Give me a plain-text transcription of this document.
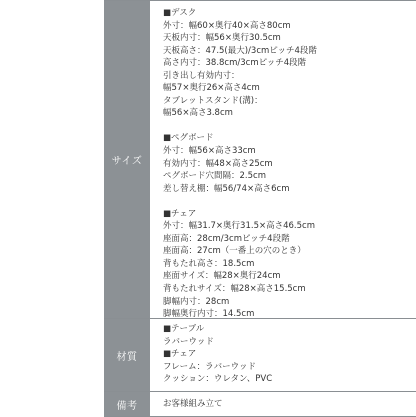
サイズ
■ デスク
外寸：幅60×奥行40×高さ80cm
天板内寸：幅56×奥行30.5cm
天板高さ：47.5(最大)/3cmピッチ4段階
高さ内寸：38.8cm/3cmピッチ4段階
引き出し有効内寸：
幅57×奥行26×高さ4cm
タブレットスタンド(溝)：
幅56×高さ3.8cm
■ ペグボード
外寸：幅56×高さ33cm
有効内寸：幅48×高さ25cm
ペグボード穴間隔：2.5cm
差し替え棚：幅56/74×高さ6cm
■ チェア
外寸：幅31.7×奥行31.5×高さ46.5cm
座面高：28cm/3cmピッチ4段階
座面高：27cm（一番上の穴のとき）
背もたれ高さ：18.5cm
座面サイズ：幅28×奥行24cm
背もたれサイズ：幅28×高さ15.5cm
脚幅内寸：28cm
脚幅奥行内寸：14.5cm
材質
■ テーブル
ラバーウッド
■ チェア
フレーム：ラバーウッド
クッション：ウレタン、PVC
備考	お客様組み立て
